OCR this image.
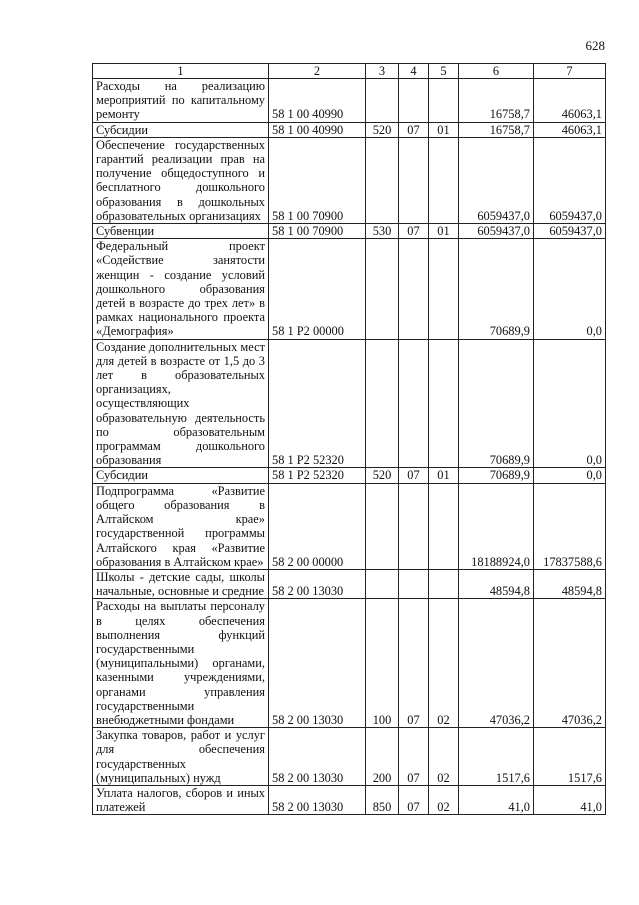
628
1	2	3	4	5	6	7
Расходы на реализацию мероприятий по капитальному ремонту	58 1 00 40990				16758,7	46063,1
Субсидии	58 1 00 40990	520	07	01	16758,7	46063,1
Обеспечение государственных гарантий реализации прав на получение общедоступного и бесплатного дошкольного образования в дошкольных образовательных организациях	58 1 00 70900				6059437,0	6059437,0
Субвенции	58 1 00 70900	530	07	01	6059437,0	6059437,0
Федеральный проект «Содействие занятости женщин - создание условий дошкольного образования детей в возрасте до трех лет» в рамках национального проекта «Демография»	58 1 P2 00000				70689,9	0,0
Создание дополнительных мест для детей в возрасте от 1,5 до 3 лет в образовательных организациях, осуществляющих образовательную деятельность по образовательным программам дошкольного образования	58 1 P2 52320				70689,9	0,0
Субсидии	58 1 P2 52320	520	07	01	70689,9	0,0
Подпрограмма «Развитие общего образования в Алтайском крае» государственной программы Алтайского края «Развитие образования в Алтайском крае»	58 2 00 00000				18188924,0	17837588,6
Школы - детские сады, школы начальные, основные и средние	58 2 00 13030				48594,8	48594,8
Расходы на выплаты персоналу в целях обеспечения выполнения функций государственными (муниципальными) органами, казенными учреждениями, органами управления государственными внебюджетными фондами	58 2 00 13030	100	07	02	47036,2	47036,2
Закупка товаров, работ и услуг для обеспечения государственных (муниципальных) нужд	58 2 00 13030	200	07	02	1517,6	1517,6
Уплата налогов, сборов и иных платежей	58 2 00 13030	850	07	02	41,0	41,0
